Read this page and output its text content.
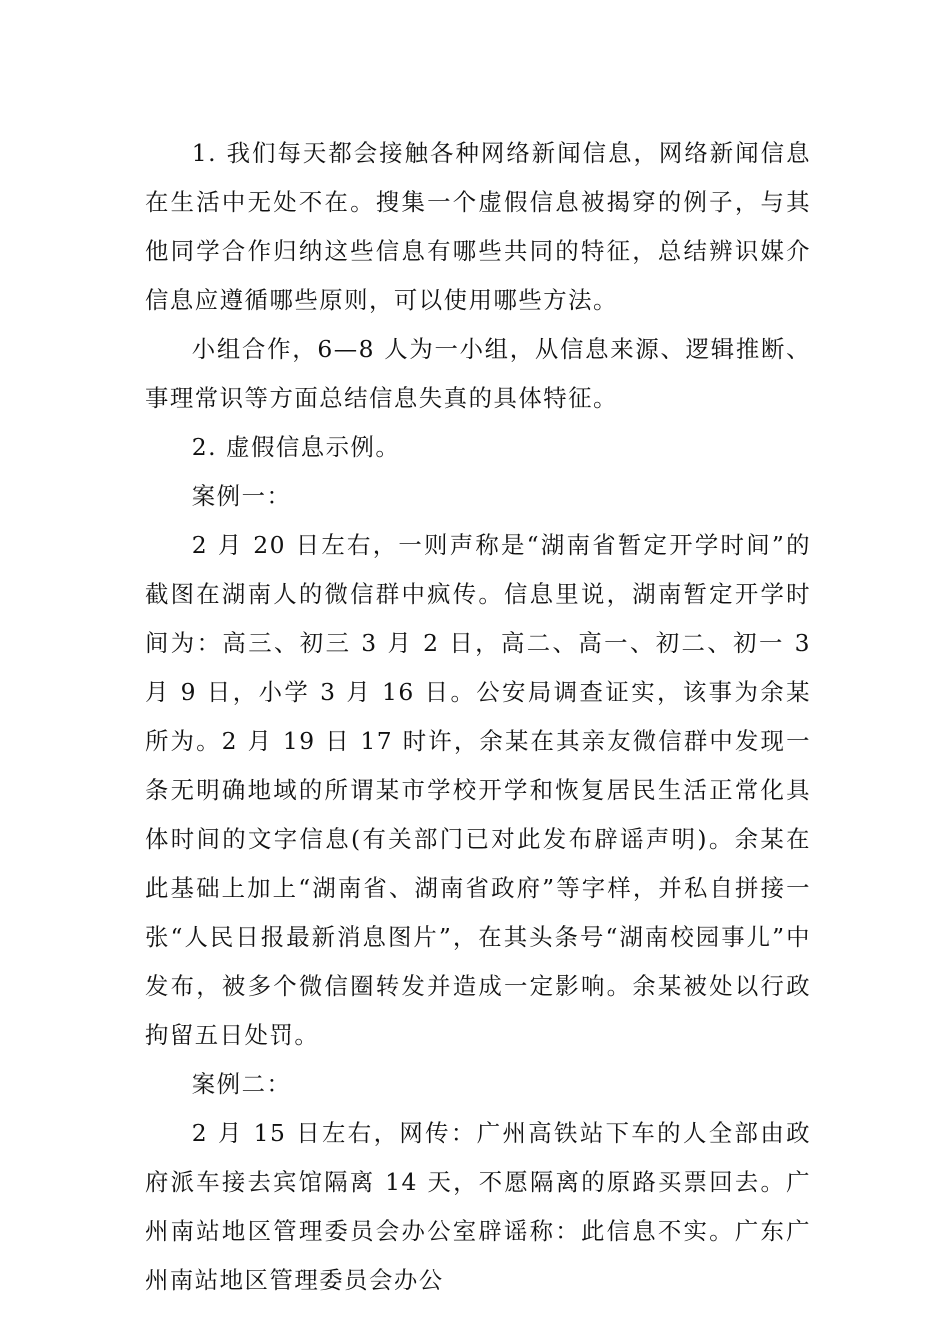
1. 我们每天都会接触各种网络新闻信息，网络新闻信息在生活中无处不在。搜集一个虚假信息被揭穿的例子，与其他同学合作归纳这些信息有哪些共同的特征，总结辨识媒介信息应遵循哪些原则，可以使用哪些方法。

小组合作，6—8 人为一小组，从信息来源、逻辑推断、事理常识等方面总结信息失真的具体特征。

2. 虚假信息示例。

案例一：

2 月 20 日左右，一则声称是“湖南省暂定开学时间”的截图在湖南人的微信群中疯传。信息里说，湖南暂定开学时间为：高三、初三 3 月 2 日，高二、高一、初二、初一 3 月 9 日，小学 3 月 16 日。公安局调查证实，该事为余某所为。2 月 19 日 17 时许，余某在其亲友微信群中发现一条无明确地域的所谓某市学校开学和恢复居民生活正常化具体时间的文字信息(有关部门已对此发布辟谣声明)。余某在此基础上加上“湖南省、湖南省政府”等字样，并私自拼接一张“人民日报最新消息图片”，在其头条号“湖南校园事儿”中发布，被多个微信圈转发并造成一定影响。余某被处以行政拘留五日处罚。

案例二：

2 月 15 日左右，网传：广州高铁站下车的人全部由政府派车接去宾馆隔离 14 天，不愿隔离的原路买票回去。广州南站地区管理委员会办公室辟谣称：此信息不实。广东广州南站地区管理委员会办公
